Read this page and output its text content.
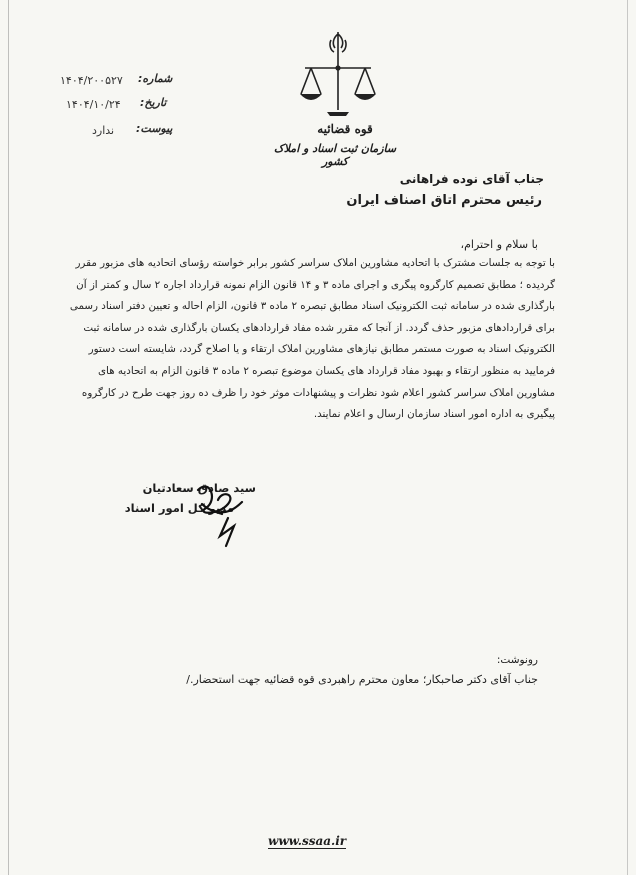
قوه قضائیه
سازمان ثبت اسناد و املاک کشور
شماره:
۱۴۰۴/۲۰۰۵۲۷
تاریخ:
۱۴۰۴/۱۰/۲۴
پیوست:
ندارد
جناب آقای نوده فراهانی
رئیس محترم اتاق اصناف ایران
با سلام و احترام،

با توجه به جلسات مشترک با اتحادیه مشاورین املاک سراسر کشور برابر خواسته رؤسای اتحادیه های مزبور مقرر

گردیده ؛ مطابق تصمیم کارگروه پیگری و اجرای ماده ۳ و ۱۴ قانون الزام نمونه قرارداد اجاره ۲ سال و کمتر از آن

بارگذاری شده در سامانه ثبت الکترونیک اسناد مطابق تبصره ۲ ماده ۳ قانون، الزام احاله و تعیین دفتر اسناد رسمی

برای قراردادهای مزبور حذف گردد. از آنجا که مقرر شده مفاد قراردادهای یکسان بارگذاری شده در سامانه ثبت

الکترونیک اسناد به صورت مستمر مطابق نیازهای مشاورین املاک ارتقاء و یا اصلاح گردد، شایسته است دستور

فرمایید به منظور ارتقاء و بهبود مفاد قرارداد های یکسان موضوع تبصره ۲ ماده ۳ قانون الزام به اتحادیه های

مشاورین املاک سراسر کشور اعلام شود نظرات و پیشنهادات موثر خود را ظرف ده روز جهت طرح در کارگروه

پیگیری به اداره امور اسناد سازمان ارسال و اعلام نمایند.

سید صادق سعادتیان
مدیر کل امور اسناد
رونوشت:
جناب آقای دکتر صاحبکار؛ معاون محترم راهبردی قوه قضائیه جهت استحضار./
www.ssaa.ir
